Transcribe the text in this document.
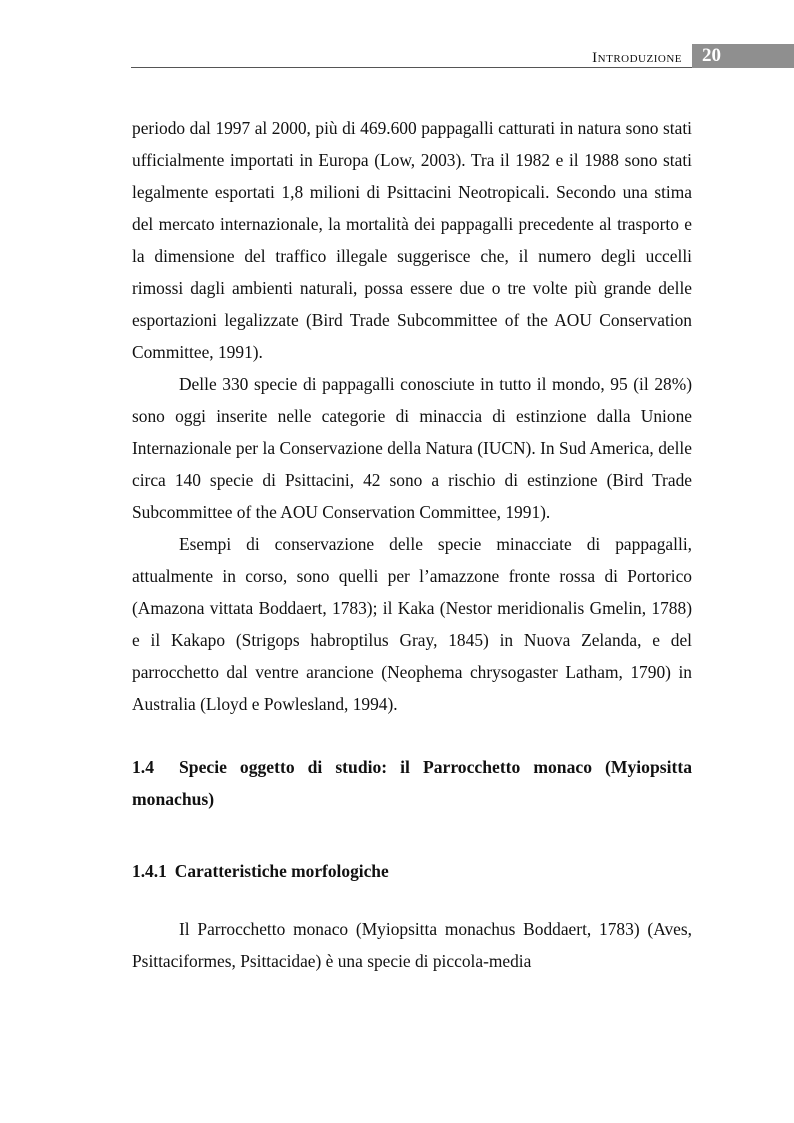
Introduzione 20

periodo dal 1997 al 2000, più di 469.600 pappagalli catturati in natura sono stati ufficialmente importati in Europa (Low, 2003). Tra il 1982 e il 1988 sono stati legalmente esportati 1,8 milioni di Psittacini Neotropicali. Secondo una stima del mercato internazionale, la mortalità dei pappagalli precedente al trasporto e la dimensione del traffico illegale suggerisce che, il numero degli uccelli rimossi dagli ambienti naturali, possa essere due o tre volte più grande delle esportazioni legalizzate (Bird Trade Subcommittee of the AOU Conservation Committee, 1991).

Delle 330 specie di pappagalli conosciute in tutto il mondo, 95 (il 28%) sono oggi inserite nelle categorie di minaccia di estinzione dalla Unione Internazionale per la Conservazione della Natura (IUCN). In Sud America, delle circa 140 specie di Psittacini, 42 sono a rischio di estinzione (Bird Trade Subcommittee of the AOU Conservation Committee, 1991).

Esempi di conservazione delle specie minacciate di pappagalli, attualmente in corso, sono quelli per l’amazzone fronte rossa di Portorico (Amazona vittata Boddaert, 1783); il Kaka (Nestor meridionalis Gmelin, 1788) e il Kakapo (Strigops habroptilus Gray, 1845) in Nuova Zelanda, e del parrocchetto dal ventre arancione (Neophema chrysogaster Latham, 1790) in Australia (Lloyd e Powlesland, 1994).

1.4 Specie oggetto di studio: il Parrocchetto monaco (Myiopsitta monachus)
1.4.1 Caratteristiche morfologiche

Il Parrocchetto monaco (Myiopsitta monachus Boddaert, 1783) (Aves, Psittaciformes, Psittacidae) è una specie di piccola-media
